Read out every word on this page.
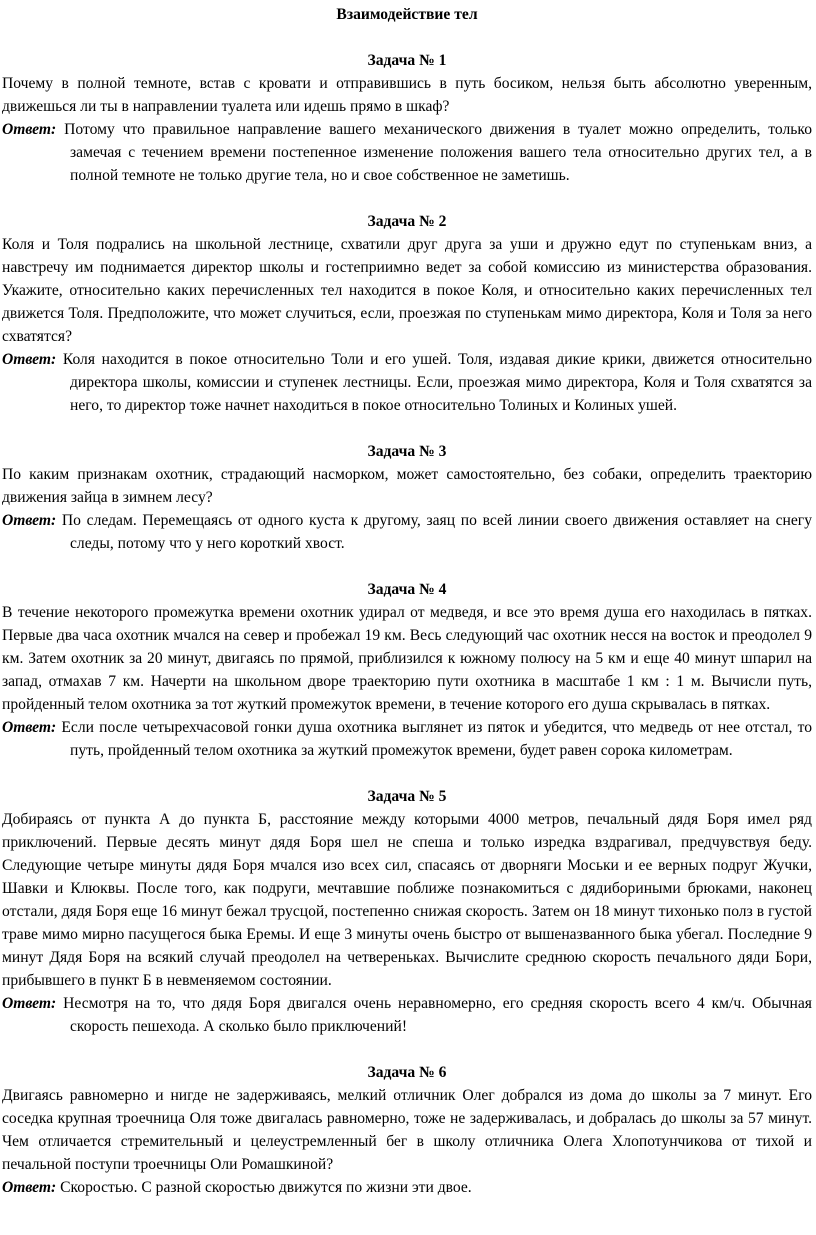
Взаимодействие тел
Задача № 1
Почему в полной темноте, встав с кровати и отправившись в путь босиком, нельзя быть абсолютно уверенным, движешься ли ты в направлении туалета или идешь прямо в шкаф?
Ответ: Потому что правильное направление вашего механического движения в туалет можно определить, только замечая с течением времени постепенное изменение положения вашего тела относительно других тел, а в полной темноте не только другие тела, но и свое собственное не заметишь.
Задача № 2
Коля и Толя подрались на школьной лестнице, схватили друг друга за уши и дружно едут по ступенькам вниз, а навстречу им поднимается директор школы и гостеприимно ведет за собой комиссию из министерства образования. Укажите, относительно каких перечисленных тел находится в покое Коля, и относительно каких перечисленных тел движется Толя. Предположите, что может случиться, если, проезжая по ступенькам мимо директора, Коля и Толя за него схватятся?
Ответ: Коля находится в покое относительно Толи и его ушей. Толя, издавая дикие крики, движется относительно директора школы, комиссии и ступенек лестницы. Если, проезжая мимо директора, Коля и Толя схватятся за него, то директор тоже начнет находиться в покое относительно Толиных и Колиных ушей.
Задача № 3
По каким признакам охотник, страдающий насморком, может самостоятельно, без собаки, определить траекторию движения зайца в зимнем лесу?
Ответ: По следам. Перемещаясь от одного куста к другому, заяц по всей линии своего движения оставляет на снегу следы, потому что у него короткий хвост.
Задача № 4
В течение некоторого промежутка времени охотник удирал от медведя, и все это время душа его находилась в пятках. Первые два часа охотник мчался на север и пробежал 19 км. Весь следующий час охотник несся на восток и преодолел 9 км. Затем охотник за 20 минут, двигаясь по прямой, приблизился к южному полюсу на 5 км и еще 40 минут шпарил на запад, отмахав 7 км. Начерти на школьном дворе траекторию пути охотника в масштабе 1 км : 1 м. Вычисли путь, пройденный телом охотника за тот жуткий промежуток времени, в течение которого его душа скрывалась в пятках.
Ответ: Если после четырехчасовой гонки душа охотника выглянет из пяток и убедится, что медведь от нее отстал, то путь, пройденный телом охотника за жуткий промежуток времени, будет равен сорока километрам.
Задача № 5
Добираясь от пункта А до пункта Б, расстояние между которыми 4000 метров, печальный дядя Боря имел ряд приключений. Первые десять минут дядя Боря шел не спеша и только изредка вздрагивал, предчувствуя беду. Следующие четыре минуты дядя Боря мчался изо всех сил, спасаясь от дворняги Моськи и ее верных подруг Жучки, Шавки и Клюквы. После того, как подруги, мечтавшие поближе познакомиться с дядибориными брюками, наконец отстали, дядя Боря еще 16 минут бежал трусцой, постепенно снижая скорость. Затем он 18 минут тихонько полз в густой траве мимо мирно пасущегося быка Еремы. И еще 3 минуты очень быстро от вышеназванного быка убегал. Последние 9 минут Дядя Боря на всякий случай преодолел на четвереньках. Вычислите среднюю скорость печального дяди Бори, прибывшего в пункт Б в невменяемом состоянии.
Ответ: Несмотря на то, что дядя Боря двигался очень неравномерно, его средняя скорость всего 4 км/ч. Обычная скорость пешехода. А сколько было приключений!
Задача № 6
Двигаясь равномерно и нигде не задерживаясь, мелкий отличник Олег добрался из дома до школы за 7 минут. Его соседка крупная троечница Оля тоже двигалась равномерно, тоже не задерживалась, и добралась до школы за 57 минут. Чем отличается стремительный и целеустремленный бег в школу отличника Олега Хлопотунчикова от тихой и печальной поступи троечницы Оли Ромашкиной?
Ответ: Скоростью. С разной скоростью движутся по жизни эти двое.
